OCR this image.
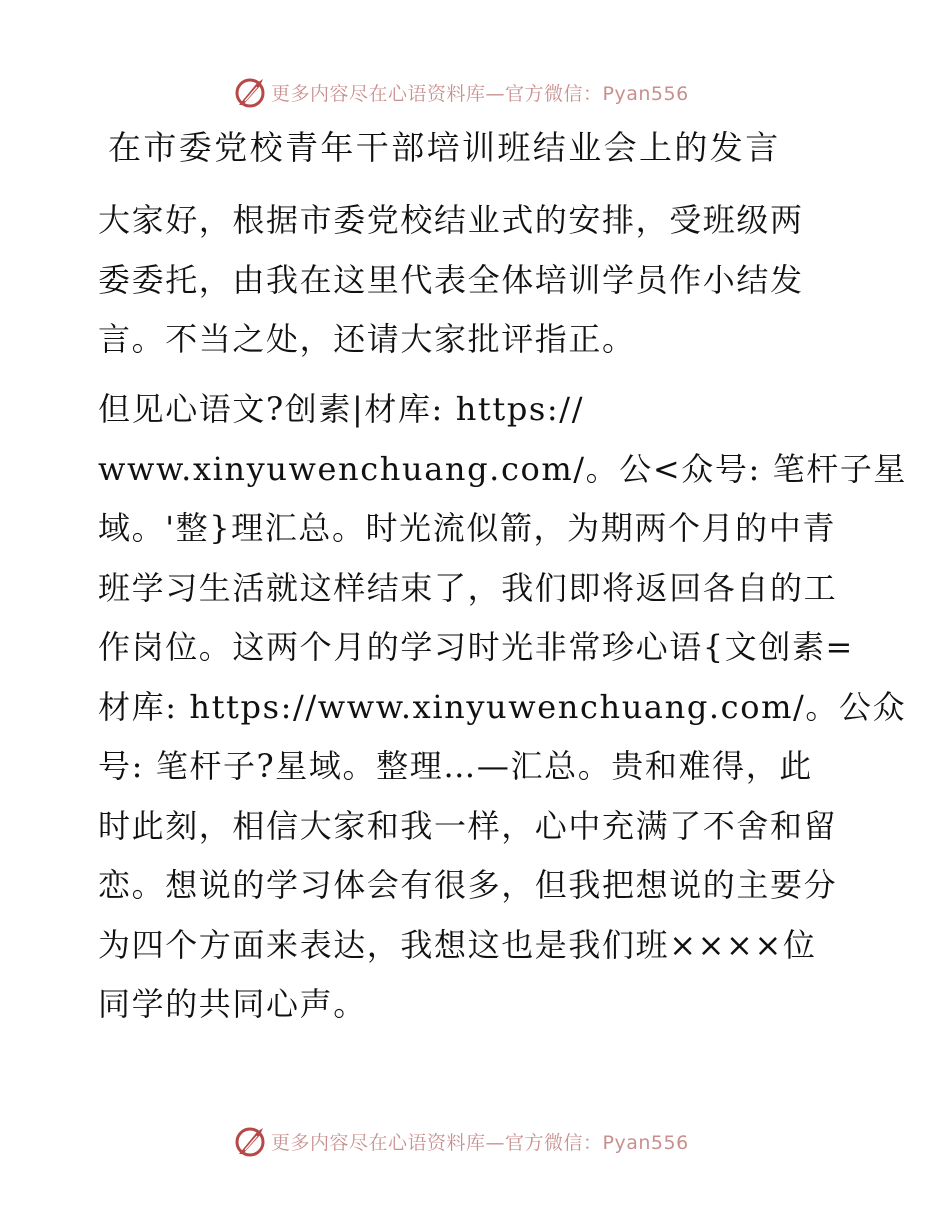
更多内容尽在心语资料库—官方微信：Pyan556
在市委党校青年干部培训班结业会上的发言

大家好，根据市委党校结业式的安排，受班级两
委委托，由我在这里代表全体培训学员作小结发
言。不当之处，还请大家批评指正。

但见心语文?创素|材库: https://
www.xinyuwenchuang.com/。公<众号: 笔杆子星
域。'整}理汇总。时光流似箭，为期两个月的中青
班学习生活就这样结束了，我们即将返回各自的工
作岗位。这两个月的学习时光非常珍心语{文创素=
材库: https://www.xinyuwenchuang.com/。公众
号: 笔杆子?星域。整理…—汇总。贵和难得，此
时此刻，相信大家和我一样，心中充满了不舍和留
恋。想说的学习体会有很多，但我把想说的主要分
为四个方面来表达，我想这也是我们班××××位
同学的共同心声。

更多内容尽在心语资料库—官方微信：Pyan556
